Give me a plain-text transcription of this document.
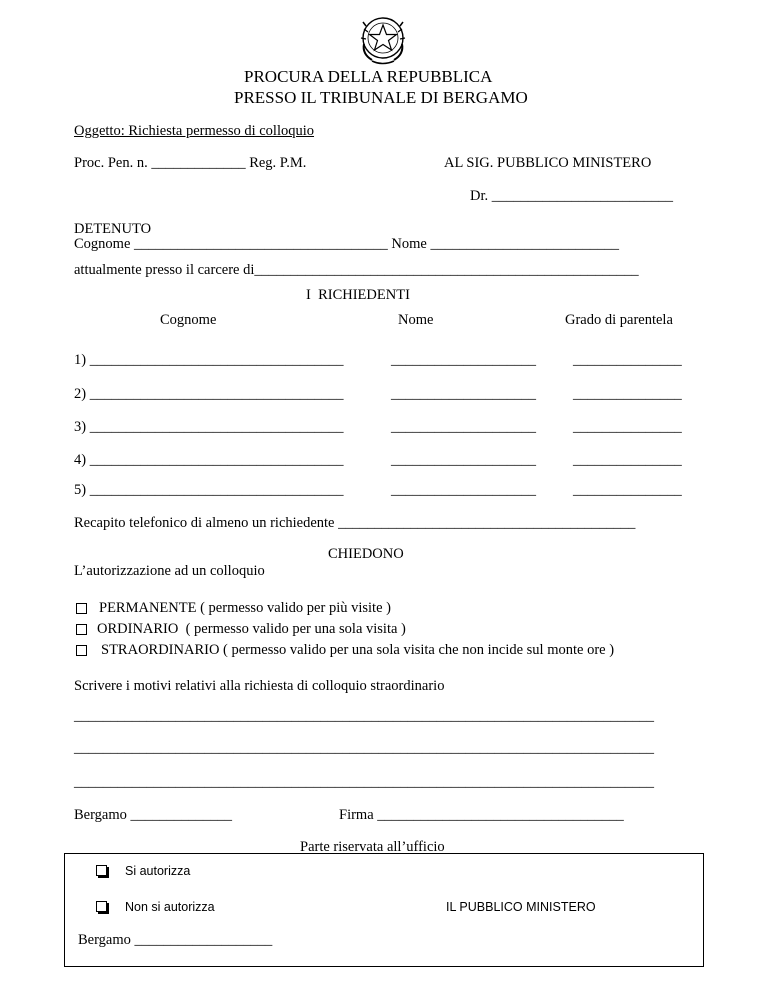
PROCURA DELLA REPUBBLICA
PRESSO IL TRIBUNALE DI BERGAMO
Oggetto: Richiesta permesso di colloquio
Proc. Pen. n. _____________ Reg. P.M.	AL SIG. PUBBLICO MINISTERO
Dr. _________________________
DETENUTO
Cognome ___________________________________ Nome __________________________
attualmente presso il carcere di_____________________________________________________
I  RICHIEDENTI
Cognome	Nome	Grado di parentela
1) ___________________________________	____________________	_______________
2) ___________________________________	____________________	_______________
3) ___________________________________	____________________	_______________
4) ___________________________________	____________________	_______________
5) ___________________________________	____________________	_______________
Recapito telefonico di almeno un richiedente _________________________________________
CHIEDONO
L’autorizzazione ad un colloquio
PERMANENTE ( permesso valido per più visite )
ORDINARIO  ( permesso valido per una sola visita )
STRAORDINARIO ( permesso valido per una sola visita che non incide sul monte ore )
Scrivere i motivi relativi alla richiesta di colloquio straordinario
________________________________________________________________________________
________________________________________________________________________________
________________________________________________________________________________
Bergamo ______________	Firma __________________________________
Parte riservata all’ufficio
Si autorizza
Non si autorizza	IL PUBBLICO MINISTERO
Bergamo ___________________
